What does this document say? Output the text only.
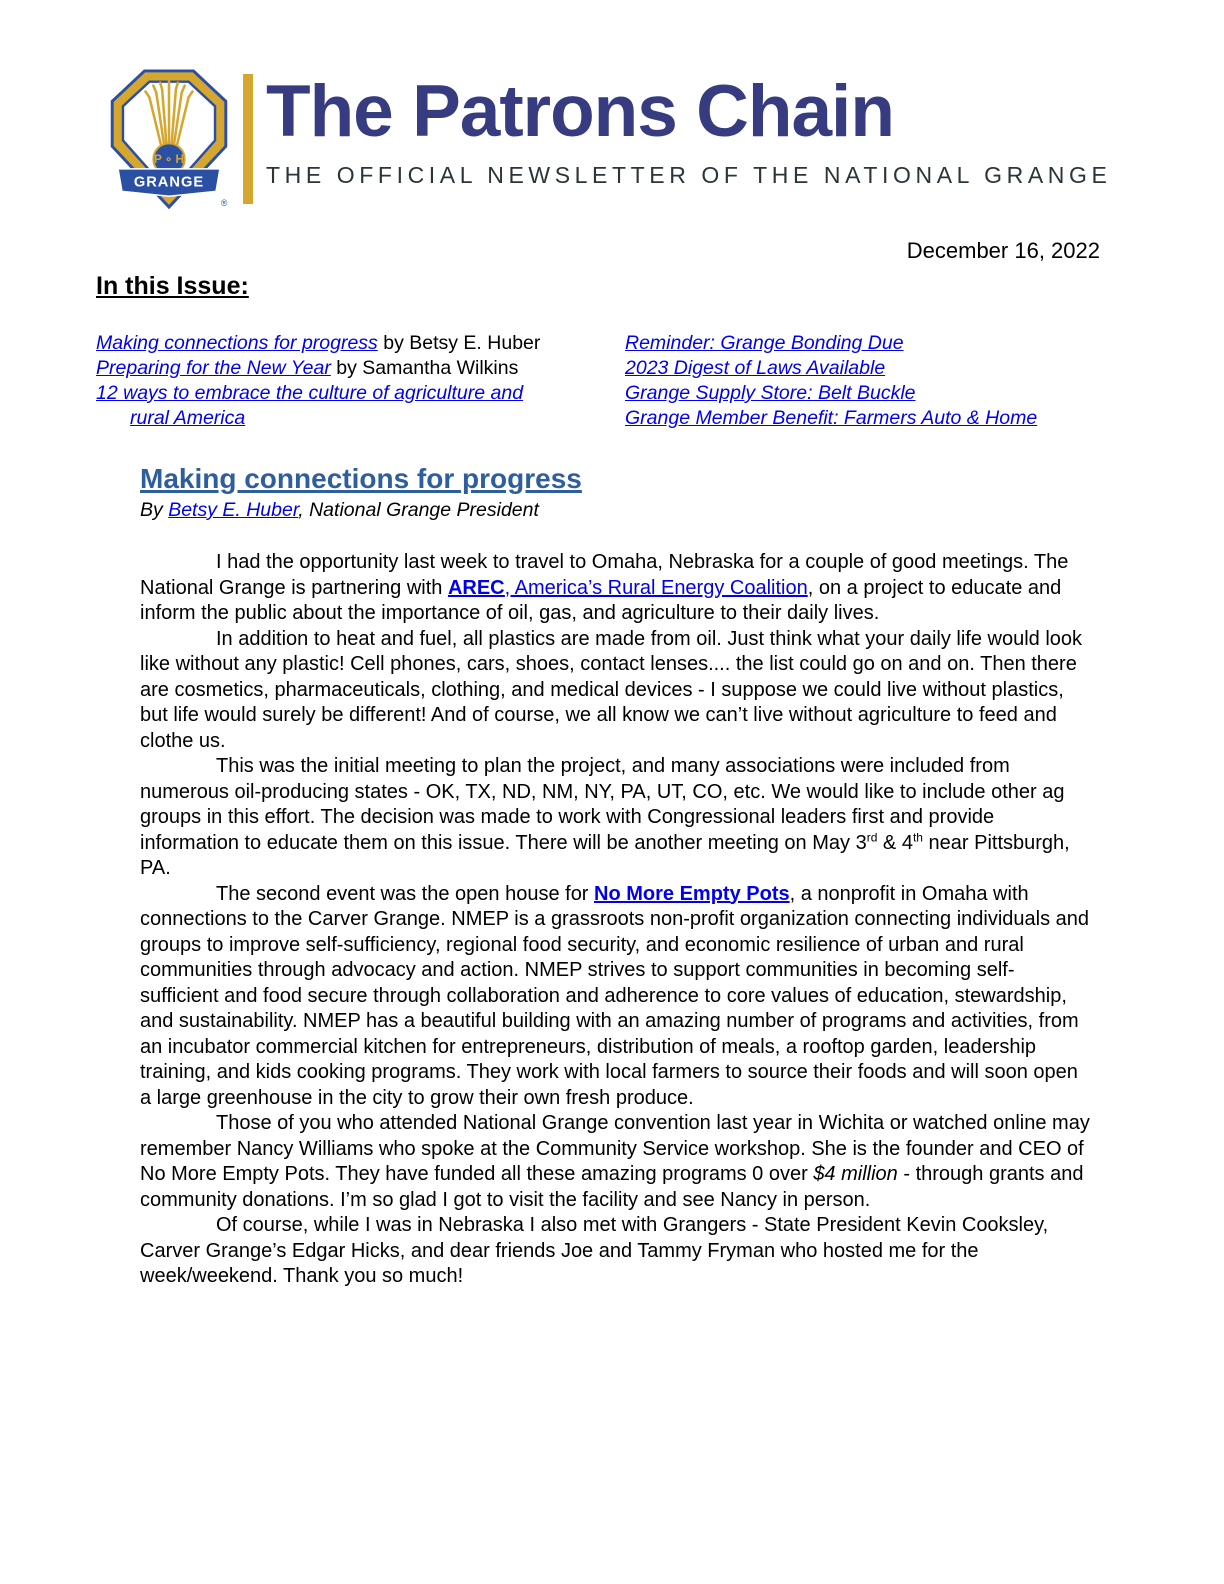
P ∘ H
GRANGE
®
The Patrons Chain
THE OFFICIAL NEWSLETTER OF THE NATIONAL GRANGE
December 16, 2022
In this Issue:
Making connections for progress by Betsy E. Huber
Preparing for the New Year by Samantha Wilkins
12 ways to embrace the culture of agriculture and
rural America
Reminder: Grange Bonding Due
2023 Digest of Laws Available
Grange Supply Store: Belt Buckle
Grange Member Benefit: Farmers Auto & Home
Making connections for progress
By Betsy E. Huber, National Grange President

I had the opportunity last week to travel to Omaha, Nebraska for a couple of good meetings. The National Grange is partnering with AREC, America’s Rural Energy Coalition, on a project to educate and inform the public about the importance of oil, gas, and agriculture to their daily lives.

In addition to heat and fuel, all plastics are made from oil. Just think what your daily life would look like without any plastic! Cell phones, cars, shoes, contact lenses.... the list could go on and on. Then there are cosmetics, pharmaceuticals, clothing, and medical devices - I suppose we could live without plastics, but life would surely be different! And of course, we all know we can’t live without agriculture to feed and clothe us.

This was the initial meeting to plan the project, and many associations were included from numerous oil-producing states - OK, TX, ND, NM, NY, PA, UT, CO, etc. We would like to include other ag groups in this effort. The decision was made to work with Congressional leaders first and provide information to educate them on this issue. There will be another meeting on May 3rd & 4th near Pittsburgh, PA.

The second event was the open house for No More Empty Pots, a nonprofit in Omaha with connections to the Carver Grange. NMEP is a grassroots non-profit organization connecting individuals and groups to improve self-sufficiency, regional food security, and economic resilience of urban and rural communities through advocacy and action. NMEP strives to support communities in becoming self-sufficient and food secure through collaboration and adherence to core values of education, stewardship, and sustainability. NMEP has a beautiful building with an amazing number of programs and activities, from an incubator commercial kitchen for entrepreneurs, distribution of meals, a rooftop garden, leadership training, and kids cooking programs. They work with local farmers to source their foods and will soon open a large greenhouse in the city to grow their own fresh produce.

Those of you who attended National Grange convention last year in Wichita or watched online may remember Nancy Williams who spoke at the Community Service workshop. She is the founder and CEO of No More Empty Pots. They have funded all these amazing programs 0 over $4 million - through grants and community donations. I’m so glad I got to visit the facility and see Nancy in person.

Of course, while I was in Nebraska I also met with Grangers - State President Kevin Cooksley, Carver Grange’s Edgar Hicks, and dear friends Joe and Tammy Fryman who hosted me for the week/weekend. Thank you so much!
